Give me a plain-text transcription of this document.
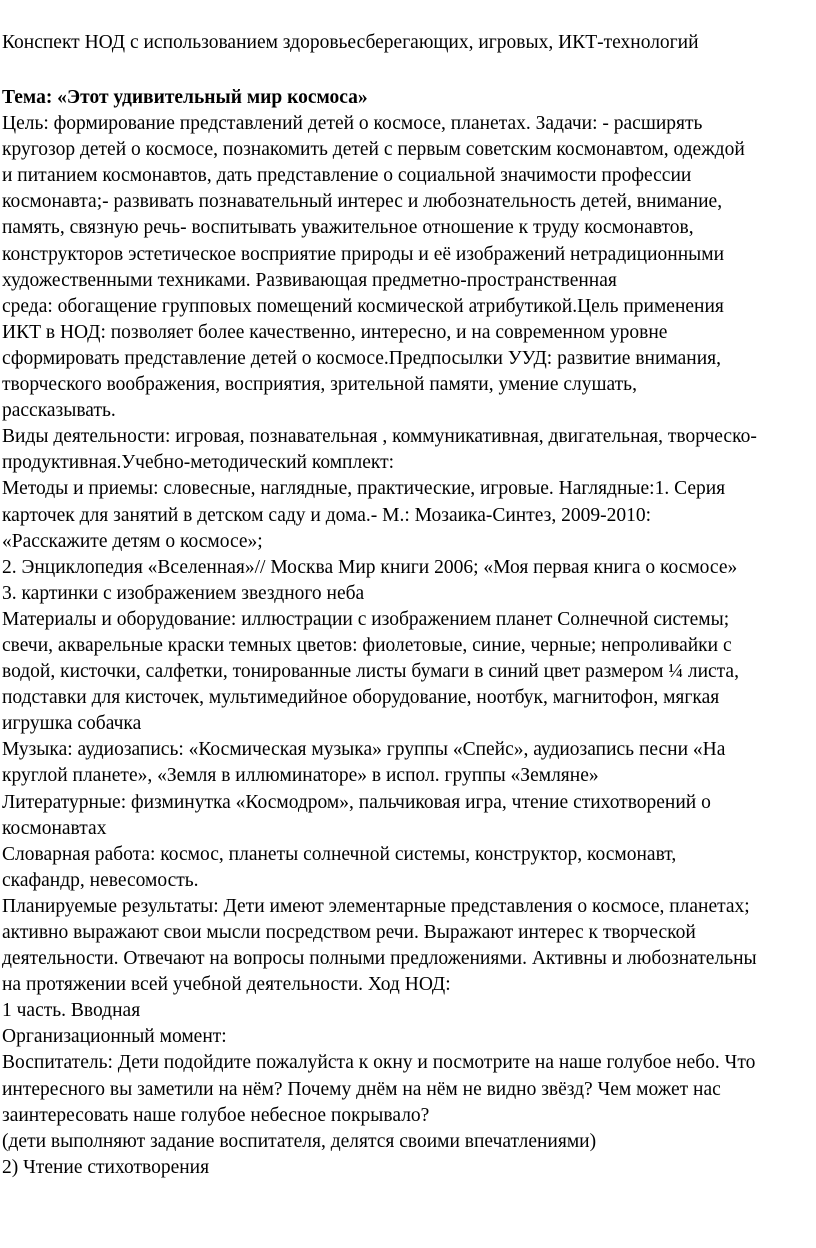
Конспект НОД с использованием здоровьесберегающих, игровых, ИКТ-технологий
Тема: «Этот удивительный мир космоса»
Цель: формирование представлений детей о космосе, планетах. Задачи: - расширять
кругозор детей о космосе, познакомить детей с первым советским космонавтом, одеждой
и питанием космонавтов, дать представление о социальной значимости профессии
космонавта;- развивать познавательный интерес и любознательность детей, внимание,
память, связную речь- воспитывать уважительное отношение к труду космонавтов,
конструкторов эстетическое восприятие природы и её изображений нетрадиционными
художественными техниками. Развивающая предметно-пространственная
среда: обогащение групповых помещений космической атрибутикой.Цель применения
ИКТ в НОД: позволяет более качественно, интересно, и на современном уровне
сформировать представление детей о космосе.Предпосылки УУД: развитие внимания,
творческого воображения, восприятия, зрительной памяти, умение слушать,
рассказывать.
Виды деятельности: игровая, познавательная , коммуникативная, двигательная, творческо-
продуктивная.Учебно-методический комплект:
Методы и приемы: словесные, наглядные, практические, игровые. Наглядные:1. Серия
карточек для занятий в детском саду и дома.- М.: Мозаика-Синтез, 2009-2010:
«Расскажите детям о космосе»;
2. Энциклопедия «Вселенная»// Москва Мир книги 2006; «Моя первая книга о космосе»
3. картинки с изображением звездного неба
Материалы и оборудование: иллюстрации с изображением планет Солнечной системы;
свечи, акварельные краски темных цветов: фиолетовые, синие, черные; непроливайки с
водой, кисточки, салфетки, тонированные листы бумаги в синий цвет размером ¼ листа,
подставки для кисточек, мультимедийное оборудование, ноотбук, магнитофон, мягкая
игрушка собачка
Музыка: аудиозапись: «Космическая музыка» группы «Спейс», аудиозапись песни «На
круглой планете», «Земля в иллюминаторе» в испол. группы «Земляне»
Литературные: физминутка «Космодром», пальчиковая игра, чтение стихотворений о
космонавтах
Словарная работа: космос, планеты солнечной системы, конструктор, космонавт,
скафандр, невесомость.
Планируемые результаты: Дети имеют элементарные представления о космосе, планетах;
активно выражают свои мысли посредством речи. Выражают интерес к творческой
деятельности. Отвечают на вопросы полными предложениями. Активны и любознательны
на протяжении всей учебной деятельности. Ход НОД:
1 часть. Вводная
Организационный момент:
Воспитатель: Дети подойдите пожалуйста к окну и посмотрите на наше голубое небо. Что
интересного вы заметили на нём? Почему днём на нём не видно звёзд? Чем может нас
заинтересовать наше голубое небесное покрывало?
(дети выполняют задание воспитателя, делятся своими впечатлениями)
2) Чтение стихотворения
